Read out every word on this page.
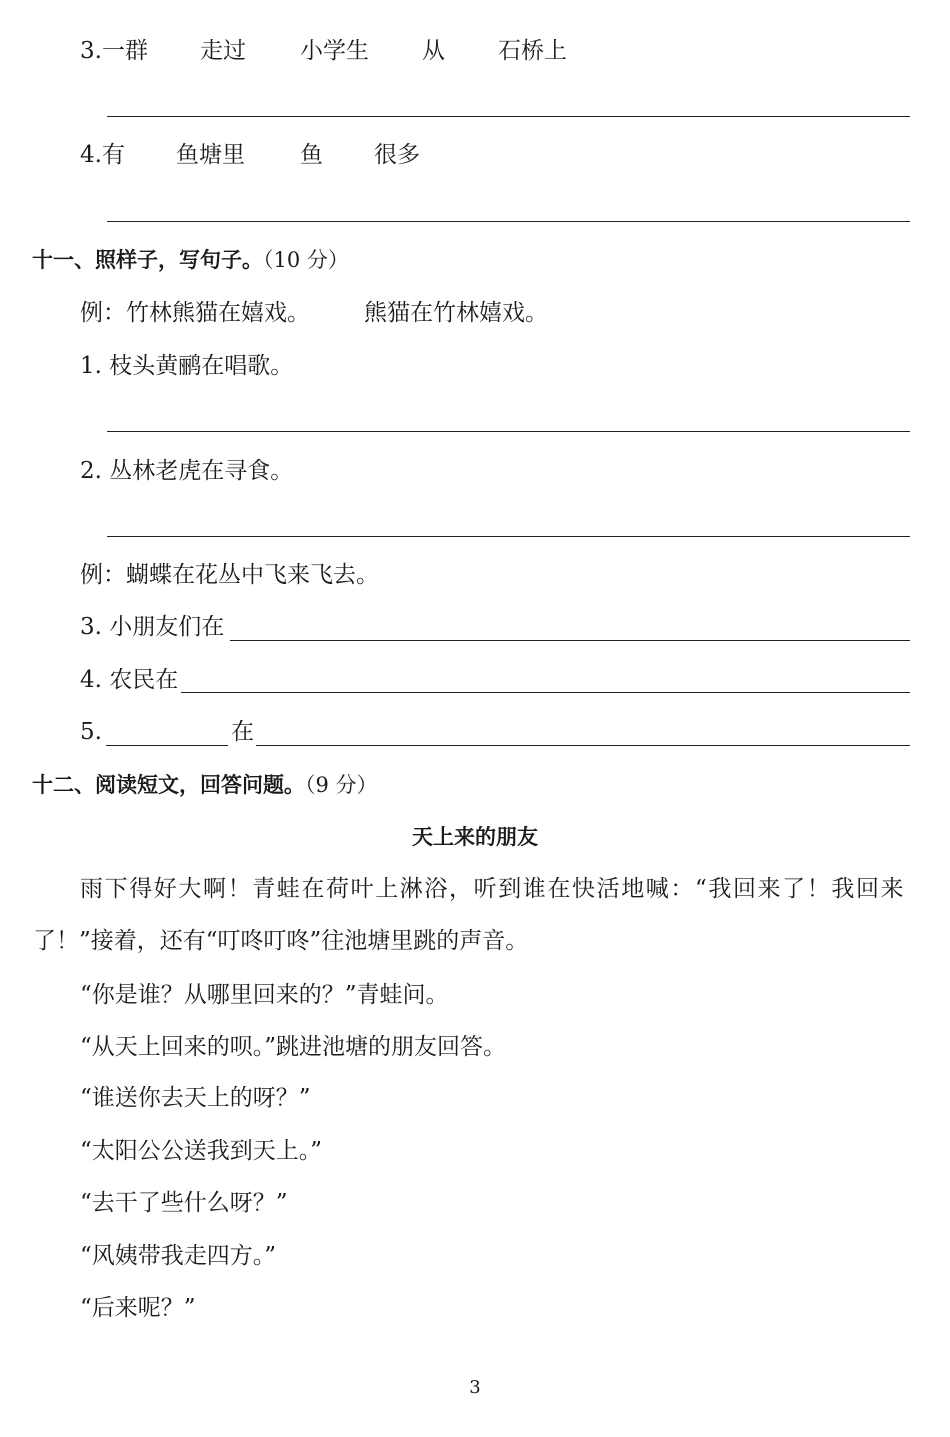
3.一群 走过 小学生 从 石桥上
4.有 鱼塘里 鱼 很多
十一、照样子，写句子。（10 分）
例：竹林熊猫在嬉戏。 熊猫在竹林嬉戏。
1. 枝头黄鹂在唱歌。
2. 丛林老虎在寻食。
例：蝴蝶在花丛中飞来飞去。
3. 小朋友们在
4. 农民在
5.	在
十二、阅读短文，回答问题。（9 分）
天上来的朋友
雨下得好大啊！青蛙在荷叶上淋浴，听到谁在快活地喊：“我回来了！我回来
了！”接着，还有“叮咚叮咚”往池塘里跳的声音。
“你是谁？从哪里回来的？”青蛙问。
“从天上回来的呗。”跳进池塘的朋友回答。
“谁送你去天上的呀？”
“太阳公公送我到天上。”
“去干了些什么呀？”
“风姨带我走四方。”
“后来呢？”
3
